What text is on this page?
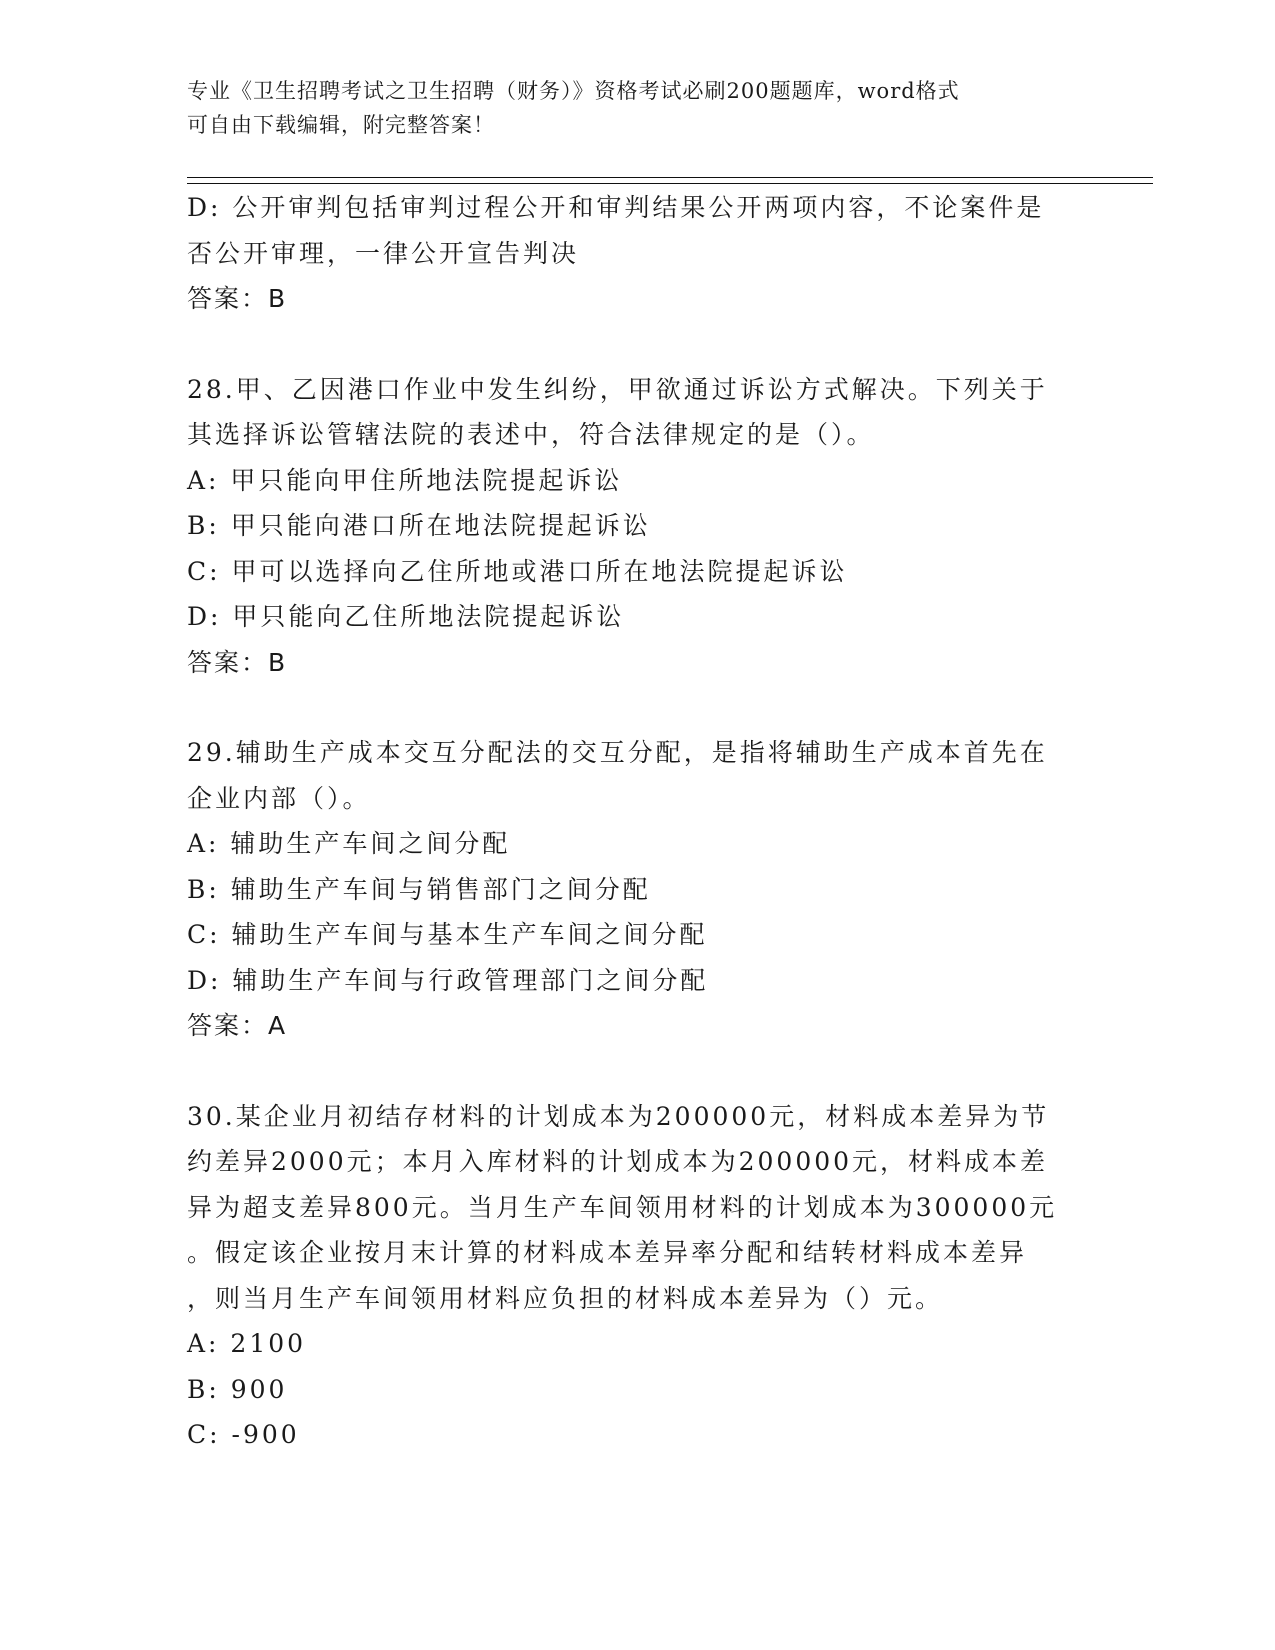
专业《卫生招聘考试之卫生招聘（财务）》资格考试必刷200题题库，word格式
可自由下载编辑，附完整答案！
D: 公开审判包括审判过程公开和审判结果公开两项内容，不论案件是
否公开审理，一律公开宣告判决
答案：B
28.甲、乙因港口作业中发生纠纷，甲欲通过诉讼方式解决。下列关于
其选择诉讼管辖法院的表述中，符合法律规定的是（）。
A: 甲只能向甲住所地法院提起诉讼
B: 甲只能向港口所在地法院提起诉讼
C: 甲可以选择向乙住所地或港口所在地法院提起诉讼
D: 甲只能向乙住所地法院提起诉讼
答案：B
29.辅助生产成本交互分配法的交互分配，是指将辅助生产成本首先在
企业内部（）。
A: 辅助生产车间之间分配
B: 辅助生产车间与销售部门之间分配
C: 辅助生产车间与基本生产车间之间分配
D: 辅助生产车间与行政管理部门之间分配
答案：A
30.某企业月初结存材料的计划成本为200000元，材料成本差异为节
约差异2000元；本月入库材料的计划成本为200000元，材料成本差
异为超支差异800元。当月生产车间领用材料的计划成本为300000元
。假定该企业按月末计算的材料成本差异率分配和结转材料成本差异
，则当月生产车间领用材料应负担的材料成本差异为（）元。
A: 2100
B: 900
C: -900
